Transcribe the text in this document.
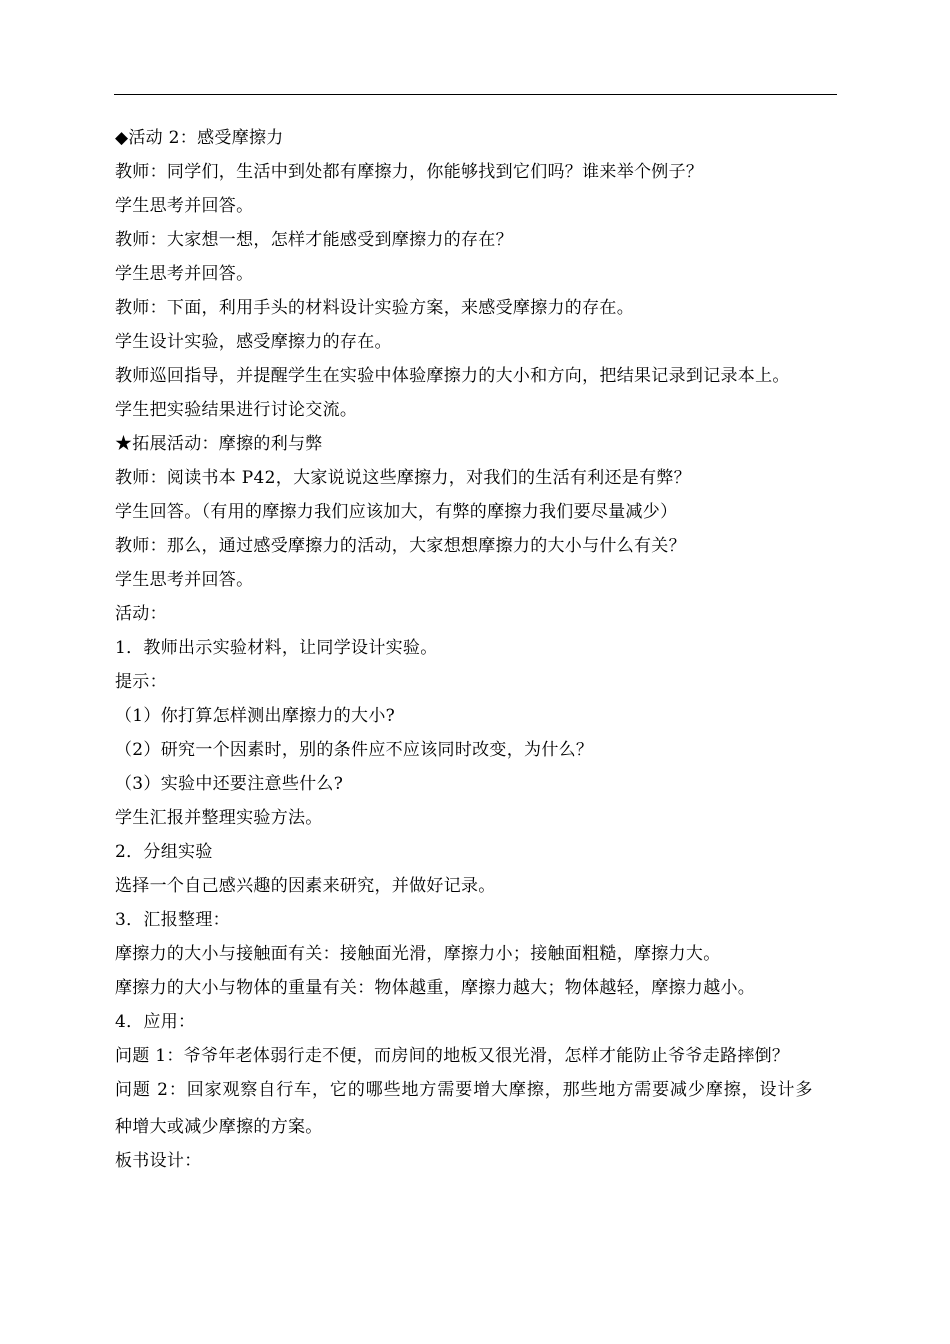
◆活动 2：感受摩擦力
教师：同学们，生活中到处都有摩擦力，你能够找到它们吗？谁来举个例子？
学生思考并回答。
教师：大家想一想，怎样才能感受到摩擦力的存在？
学生思考并回答。
教师：下面，利用手头的材料设计实验方案，来感受摩擦力的存在。
学生设计实验，感受摩擦力的存在。
教师巡回指导，并提醒学生在实验中体验摩擦力的大小和方向，把结果记录到记录本上。
学生把实验结果进行讨论交流。
★拓展活动：摩擦的利与弊
教师：阅读书本 P42，大家说说这些摩擦力，对我们的生活有利还是有弊？
学生回答。（有用的摩擦力我们应该加大，有弊的摩擦力我们要尽量减少）
教师：那么，通过感受摩擦力的活动，大家想想摩擦力的大小与什么有关？
学生思考并回答。
活动：
1．教师出示实验材料，让同学设计实验。
提示：
（1）你打算怎样测出摩擦力的大小?
（2）研究一个因素时，别的条件应不应该同时改变，为什么？
（3）实验中还要注意些什么?
学生汇报并整理实验方法。
2．分组实验
选择一个自己感兴趣的因素来研究，并做好记录。
3．汇报整理：
摩擦力的大小与接触面有关：接触面光滑，摩擦力小；接触面粗糙，摩擦力大。
摩擦力的大小与物体的重量有关：物体越重，摩擦力越大；物体越轻，摩擦力越小。
4．应用：
问题 1：爷爷年老体弱行走不便，而房间的地板又很光滑，怎样才能防止爷爷走路摔倒？
问题 2：回家观察自行车，它的哪些地方需要增大摩擦，那些地方需要减少摩擦，设计多
种增大或减少摩擦的方案。
板书设计：
